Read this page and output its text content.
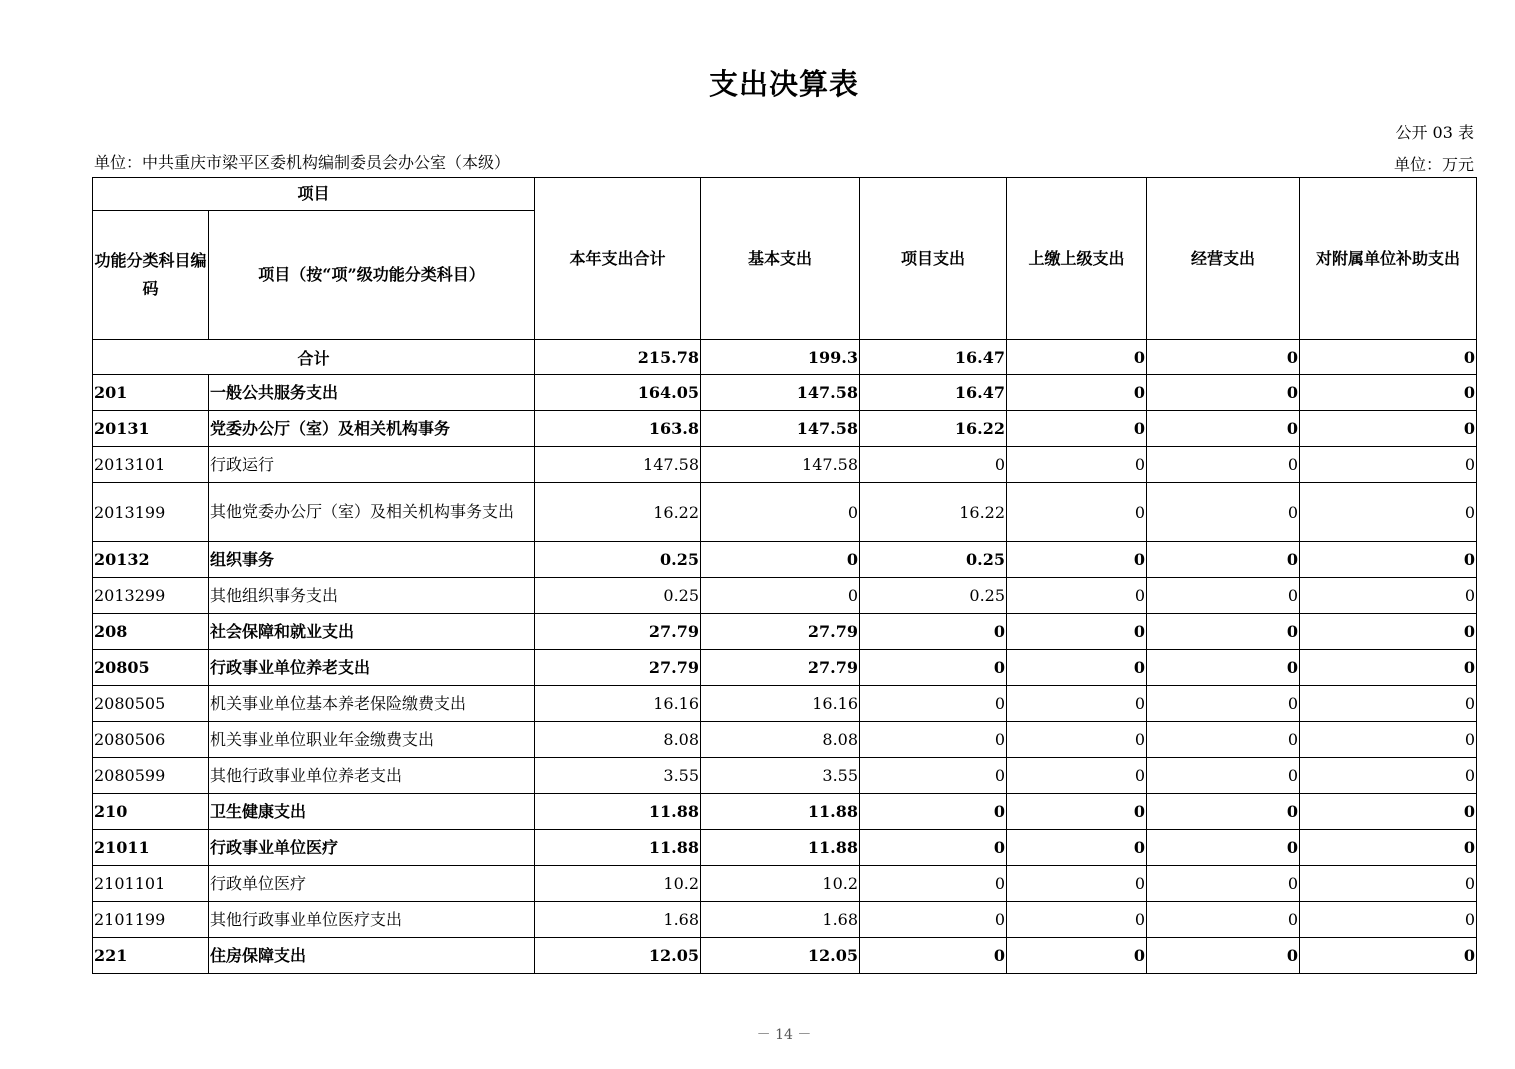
支出决算表
公开 03 表
单位：中共重庆市梁平区委机构编制委员会办公室（本级）	单位：万元
项目		本年支出合计	基本支出	项目支出	上缴上级支出	经营支出	对附属单位补助支出
功能分类科目编码	项目（按“项”级功能分类科目）						
合计		215.78	199.3	16.47	0	0	0
201	一般公共服务支出	164.05	147.58	16.47	0	0	0
20131	党委办公厅（室）及相关机构事务	163.8	147.58	16.22	0	0	0
2013101	行政运行	147.58	147.58	0	0	0	0
2013199	其他党委办公厅（室）及相关机构事务支出	16.22	0	16.22	0	0	0
20132	组织事务	0.25	0	0.25	0	0	0
2013299	其他组织事务支出	0.25	0	0.25	0	0	0
208	社会保障和就业支出	27.79	27.79	0	0	0	0
20805	行政事业单位养老支出	27.79	27.79	0	0	0	0
2080505	机关事业单位基本养老保险缴费支出	16.16	16.16	0	0	0	0
2080506	机关事业单位职业年金缴费支出	8.08	8.08	0	0	0	0
2080599	其他行政事业单位养老支出	3.55	3.55	0	0	0	0
210	卫生健康支出	11.88	11.88	0	0	0	0
21011	行政事业单位医疗	11.88	11.88	0	0	0	0
2101101	行政单位医疗	10.2	10.2	0	0	0	0
2101199	其他行政事业单位医疗支出	1.68	1.68	0	0	0	0
221	住房保障支出	12.05	12.05	0	0	0	0
－ 14 －
